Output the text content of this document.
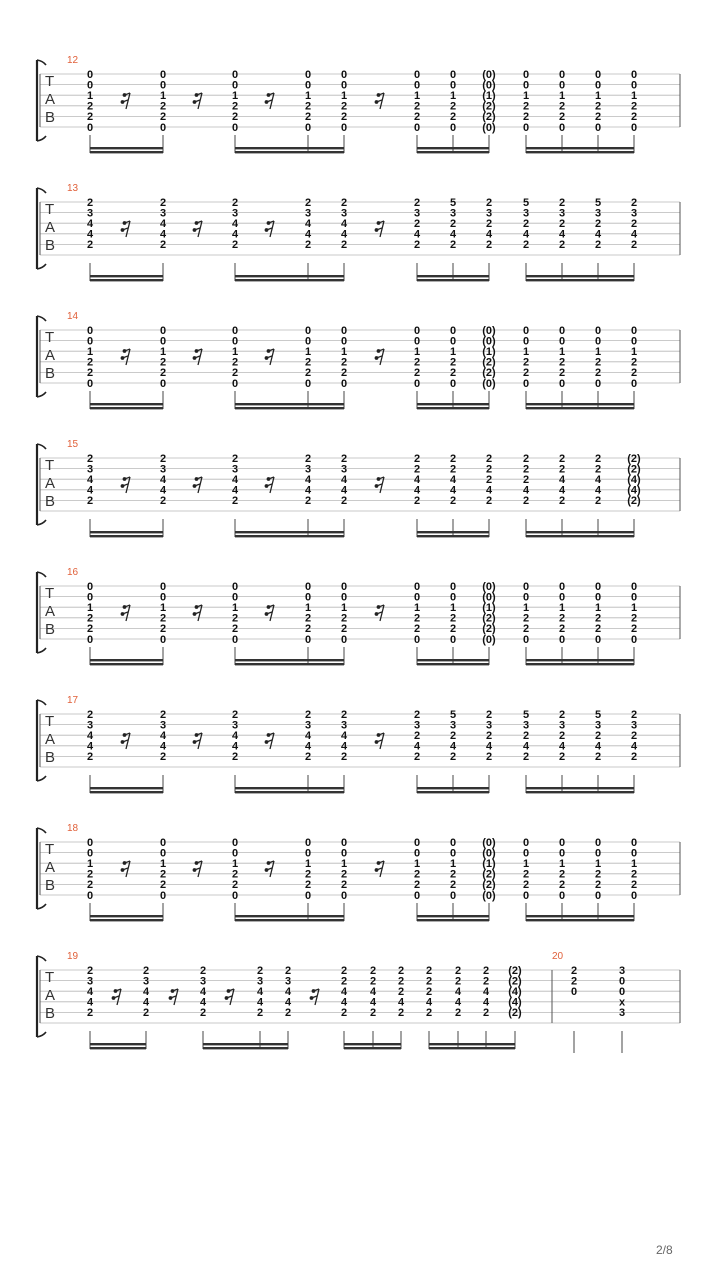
12
T
A
B
0
0
1
2
2
0
0
0
1
2
2
0
0
0
1
2
2
0
0
0
1
2
2
0
0
0
1
2
2
0
0
0
1
2
2
0
0
0
1
2
2
0
(0)
(0)
(1)
(2)
(2)
(0)
0
0
1
2
2
0
0
0
1
2
2
0
0
0
1
2
2
0
0
0
1
2
2
0
13
T
A
B
2
3
4
4
2
2
3
4
4
2
2
3
4
4
2
2
3
4
4
2
2
3
4
4
2
2
3
2
4
2
5
3
2
4
2
2
3
2
4
2
5
3
2
4
2
2
3
2
4
2
5
3
2
4
2
2
3
2
4
2
14
T
A
B
0
0
1
2
2
0
0
0
1
2
2
0
0
0
1
2
2
0
0
0
1
2
2
0
0
0
1
2
2
0
0
0
1
2
2
0
0
0
1
2
2
0
(0)
(0)
(1)
(2)
(2)
(0)
0
0
1
2
2
0
0
0
1
2
2
0
0
0
1
2
2
0
0
0
1
2
2
0
15
T
A
B
2
3
4
4
2
2
3
4
4
2
2
3
4
4
2
2
3
4
4
2
2
3
4
4
2
2
2
4
4
2
2
2
4
4
2
2
2
2
4
2
2
2
2
4
2
2
2
4
4
2
2
2
4
4
2
(2)
(2)
(4)
(4)
(2)
16
T
A
B
0
0
1
2
2
0
0
0
1
2
2
0
0
0
1
2
2
0
0
0
1
2
2
0
0
0
1
2
2
0
0
0
1
2
2
0
0
0
1
2
2
0
(0)
(0)
(1)
(2)
(2)
(0)
0
0
1
2
2
0
0
0
1
2
2
0
0
0
1
2
2
0
0
0
1
2
2
0
17
T
A
B
2
3
4
4
2
2
3
4
4
2
2
3
4
4
2
2
3
4
4
2
2
3
4
4
2
2
3
2
4
2
5
3
2
4
2
2
3
2
4
2
5
3
2
4
2
2
3
2
4
2
5
3
2
4
2
2
3
2
4
2
18
T
A
B
0
0
1
2
2
0
0
0
1
2
2
0
0
0
1
2
2
0
0
0
1
2
2
0
0
0
1
2
2
0
0
0
1
2
2
0
0
0
1
2
2
0
(0)
(0)
(1)
(2)
(2)
(0)
0
0
1
2
2
0
0
0
1
2
2
0
0
0
1
2
2
0
0
0
1
2
2
0
19	20
T
A
B
2
3
4
4
2
2
3
4
4
2
2
3
4
4
2
2
3
4
4
2
2
3
4
4
2
2
2
4
4
2
2
2
4
4
2
2
2
2
4
2
2
2
2
4
2
2
2
4
4
2
2
2
4
4
2
(2)
(2)
(4)
(4)
(2)
2
2
0
3
0
0
x
3
2/8
